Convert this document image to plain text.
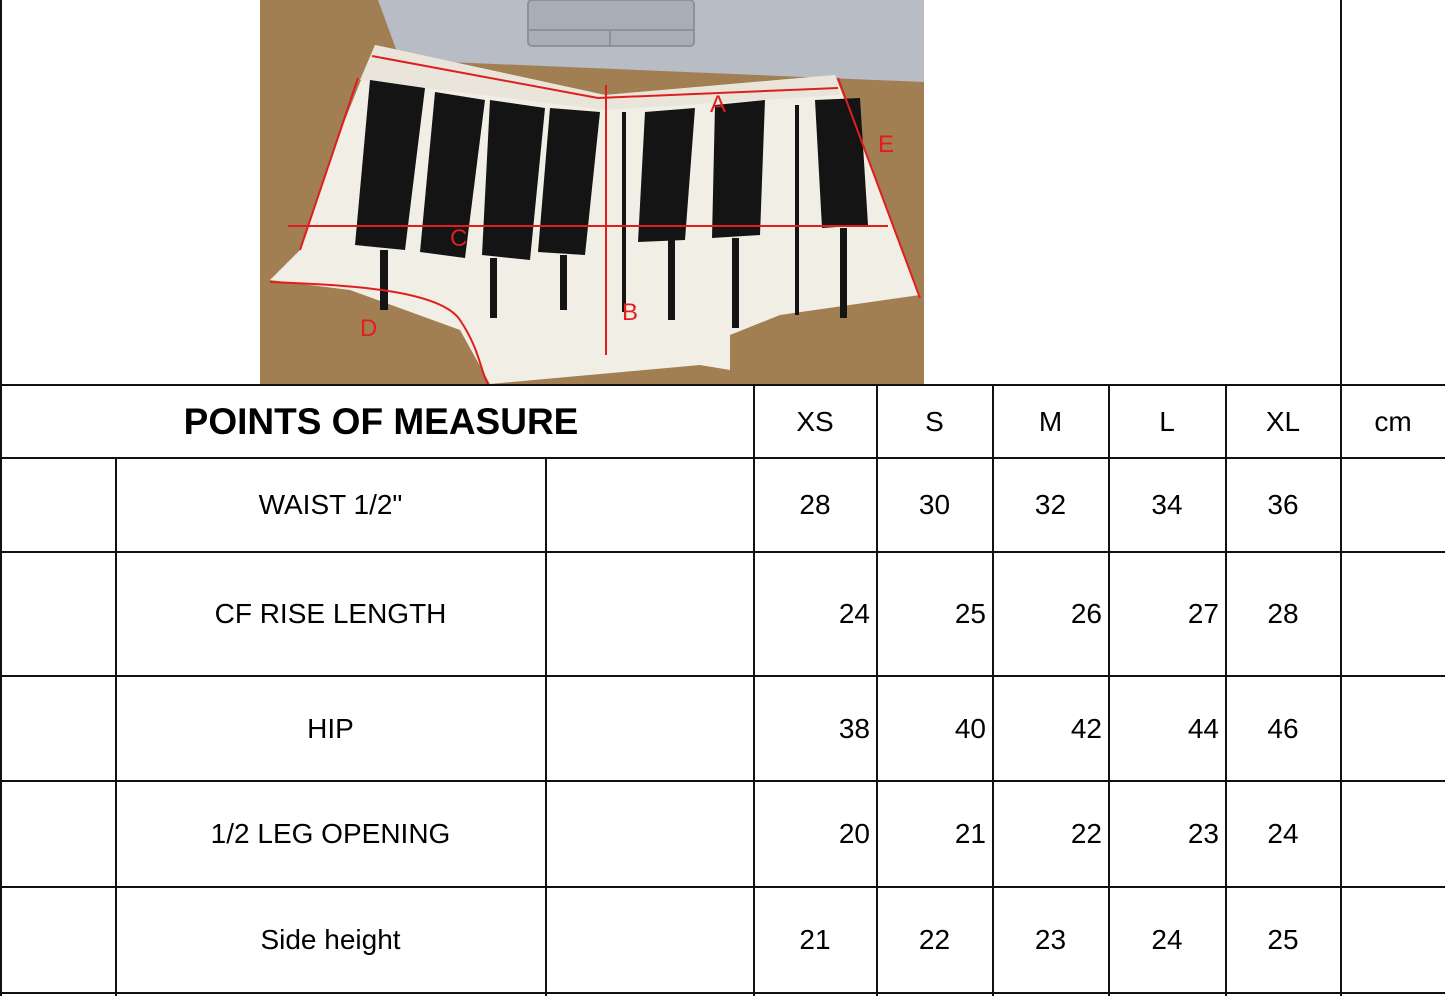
A
B
C
D
E
POINTS OF MEASURE	XS	S	M	L	XL	cm
WAIST 1/2"	28	30	32	34	36
CF RISE LENGTH	24	25	26	27	28
HIP	38	40	42	44	46
1/2 LEG OPENING	20	21	22	23	24
Side height	21	22	23	24	25
